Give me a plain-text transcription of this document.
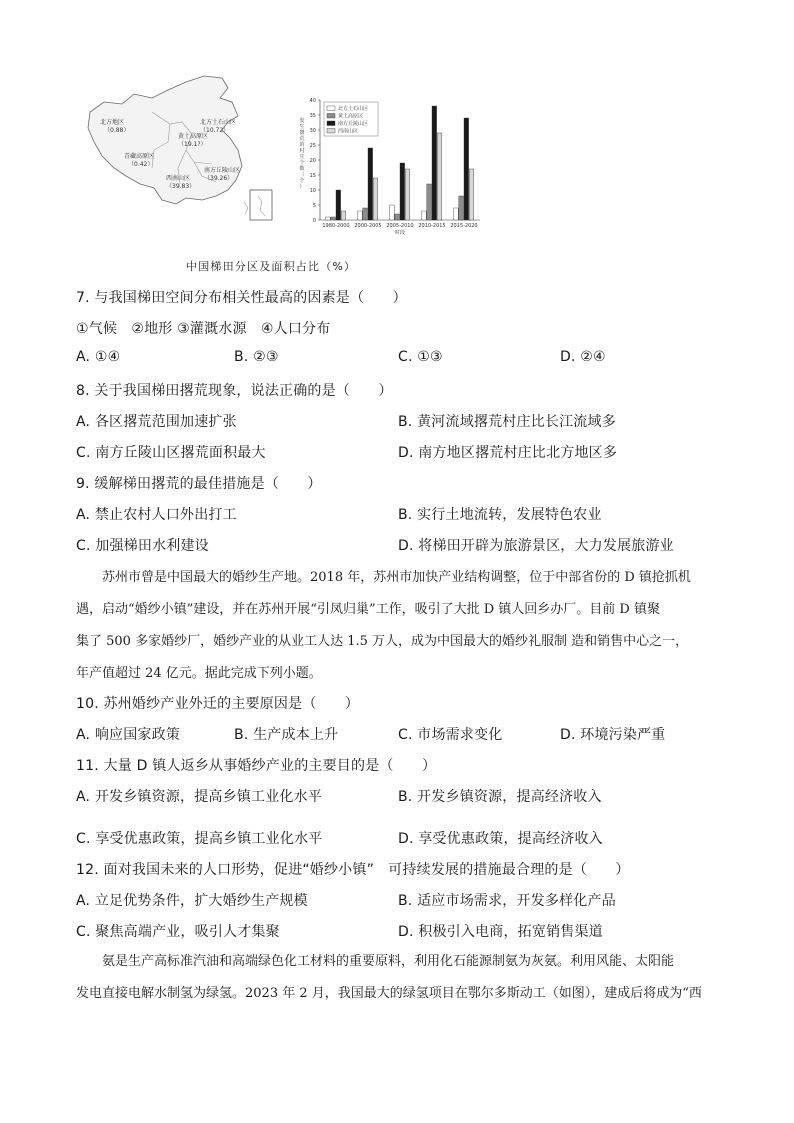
北方地区
（0.88）
黄土高原区
（19.1?）
青藏高原区
（0.42）
西南山区
（39.83）
南方丘陵山区
（39.26）
北方土石山区
（10.72）
0
5
10
15
20
25
30
35
40
发
生
撂
荒
的
村
庄
个
数
（
个
）
1980-2000 2000-2005 2005-2010 2010-2015 2015-2020
时段
北方土石山区
黄土高原区
南方丘陵山区
西南山区
中国梯田分区及面积占比（%）
7. 与我国梯田空间分布相关性最高的因素是（　　）
①气候　②地形 ③灌溉水源　④人口分布
A. ①④	B. ②③	C. ①③	D. ②④
8. 关于我国梯田撂荒现象，说法正确的是（　　）
A. 各区撂荒范围加速扩张	B. 黄河流域撂荒村庄比长江流域多
C. 南方丘陵山区撂荒面积最大	D. 南方地区撂荒村庄比北方地区多
9. 缓解梯田撂荒的最佳措施是（　　）
A. 禁止农村人口外出打工	B. 实行土地流转，发展特色农业
C. 加强梯田水利建设	D. 将梯田开辟为旅游景区，大力发展旅游业
苏州市曾是中国最大的婚纱生产地。2018 年，苏州市加快产业结构调整，位于中部省份的 D 镇抢抓机
遇，启动“婚纱小镇”建设，并在苏州开展“引凤归巢”工作，吸引了大批 D 镇人回乡办厂。目前 D 镇聚
集了 500 多家婚纱厂，婚纱产业的从业工人达 1.5 万人，成为中国最大的婚纱礼服制 造和销售中心之一，
年产值超过 24 亿元。据此完成下列小题。
10. 苏州婚纱产业外迁的主要原因是（　　）
A. 响应国家政策	B. 生产成本上升	C. 市场需求变化	D. 环境污染严重
11. 大量 D 镇人返乡从事婚纱产业的主要目的是（　　）
A. 开发乡镇资源，提高乡镇工业化水平	B. 开发乡镇资源，提高经济收入
C. 享受优惠政策，提高乡镇工业化水平	D. 享受优惠政策，提高经济收入
12. 面对我国未来的人口形势，促进“婚纱小镇”　可持续发展的措施最合理的是（　　）
A. 立足优势条件，扩大婚纱生产规模	B. 适应市场需求，开发多样化产品
C. 聚焦高端产业，吸引人才集聚	D. 积极引入电商，拓宽销售渠道
氨是生产高标准汽油和高端绿色化工材料的重要原料，利用化石能源制氨为灰氨。利用风能、太阳能
发电直接电解水制氢为绿氢。2023 年 2 月，我国最大的绿氢项目在鄂尔多斯动工（如图），建成后将成为“西
